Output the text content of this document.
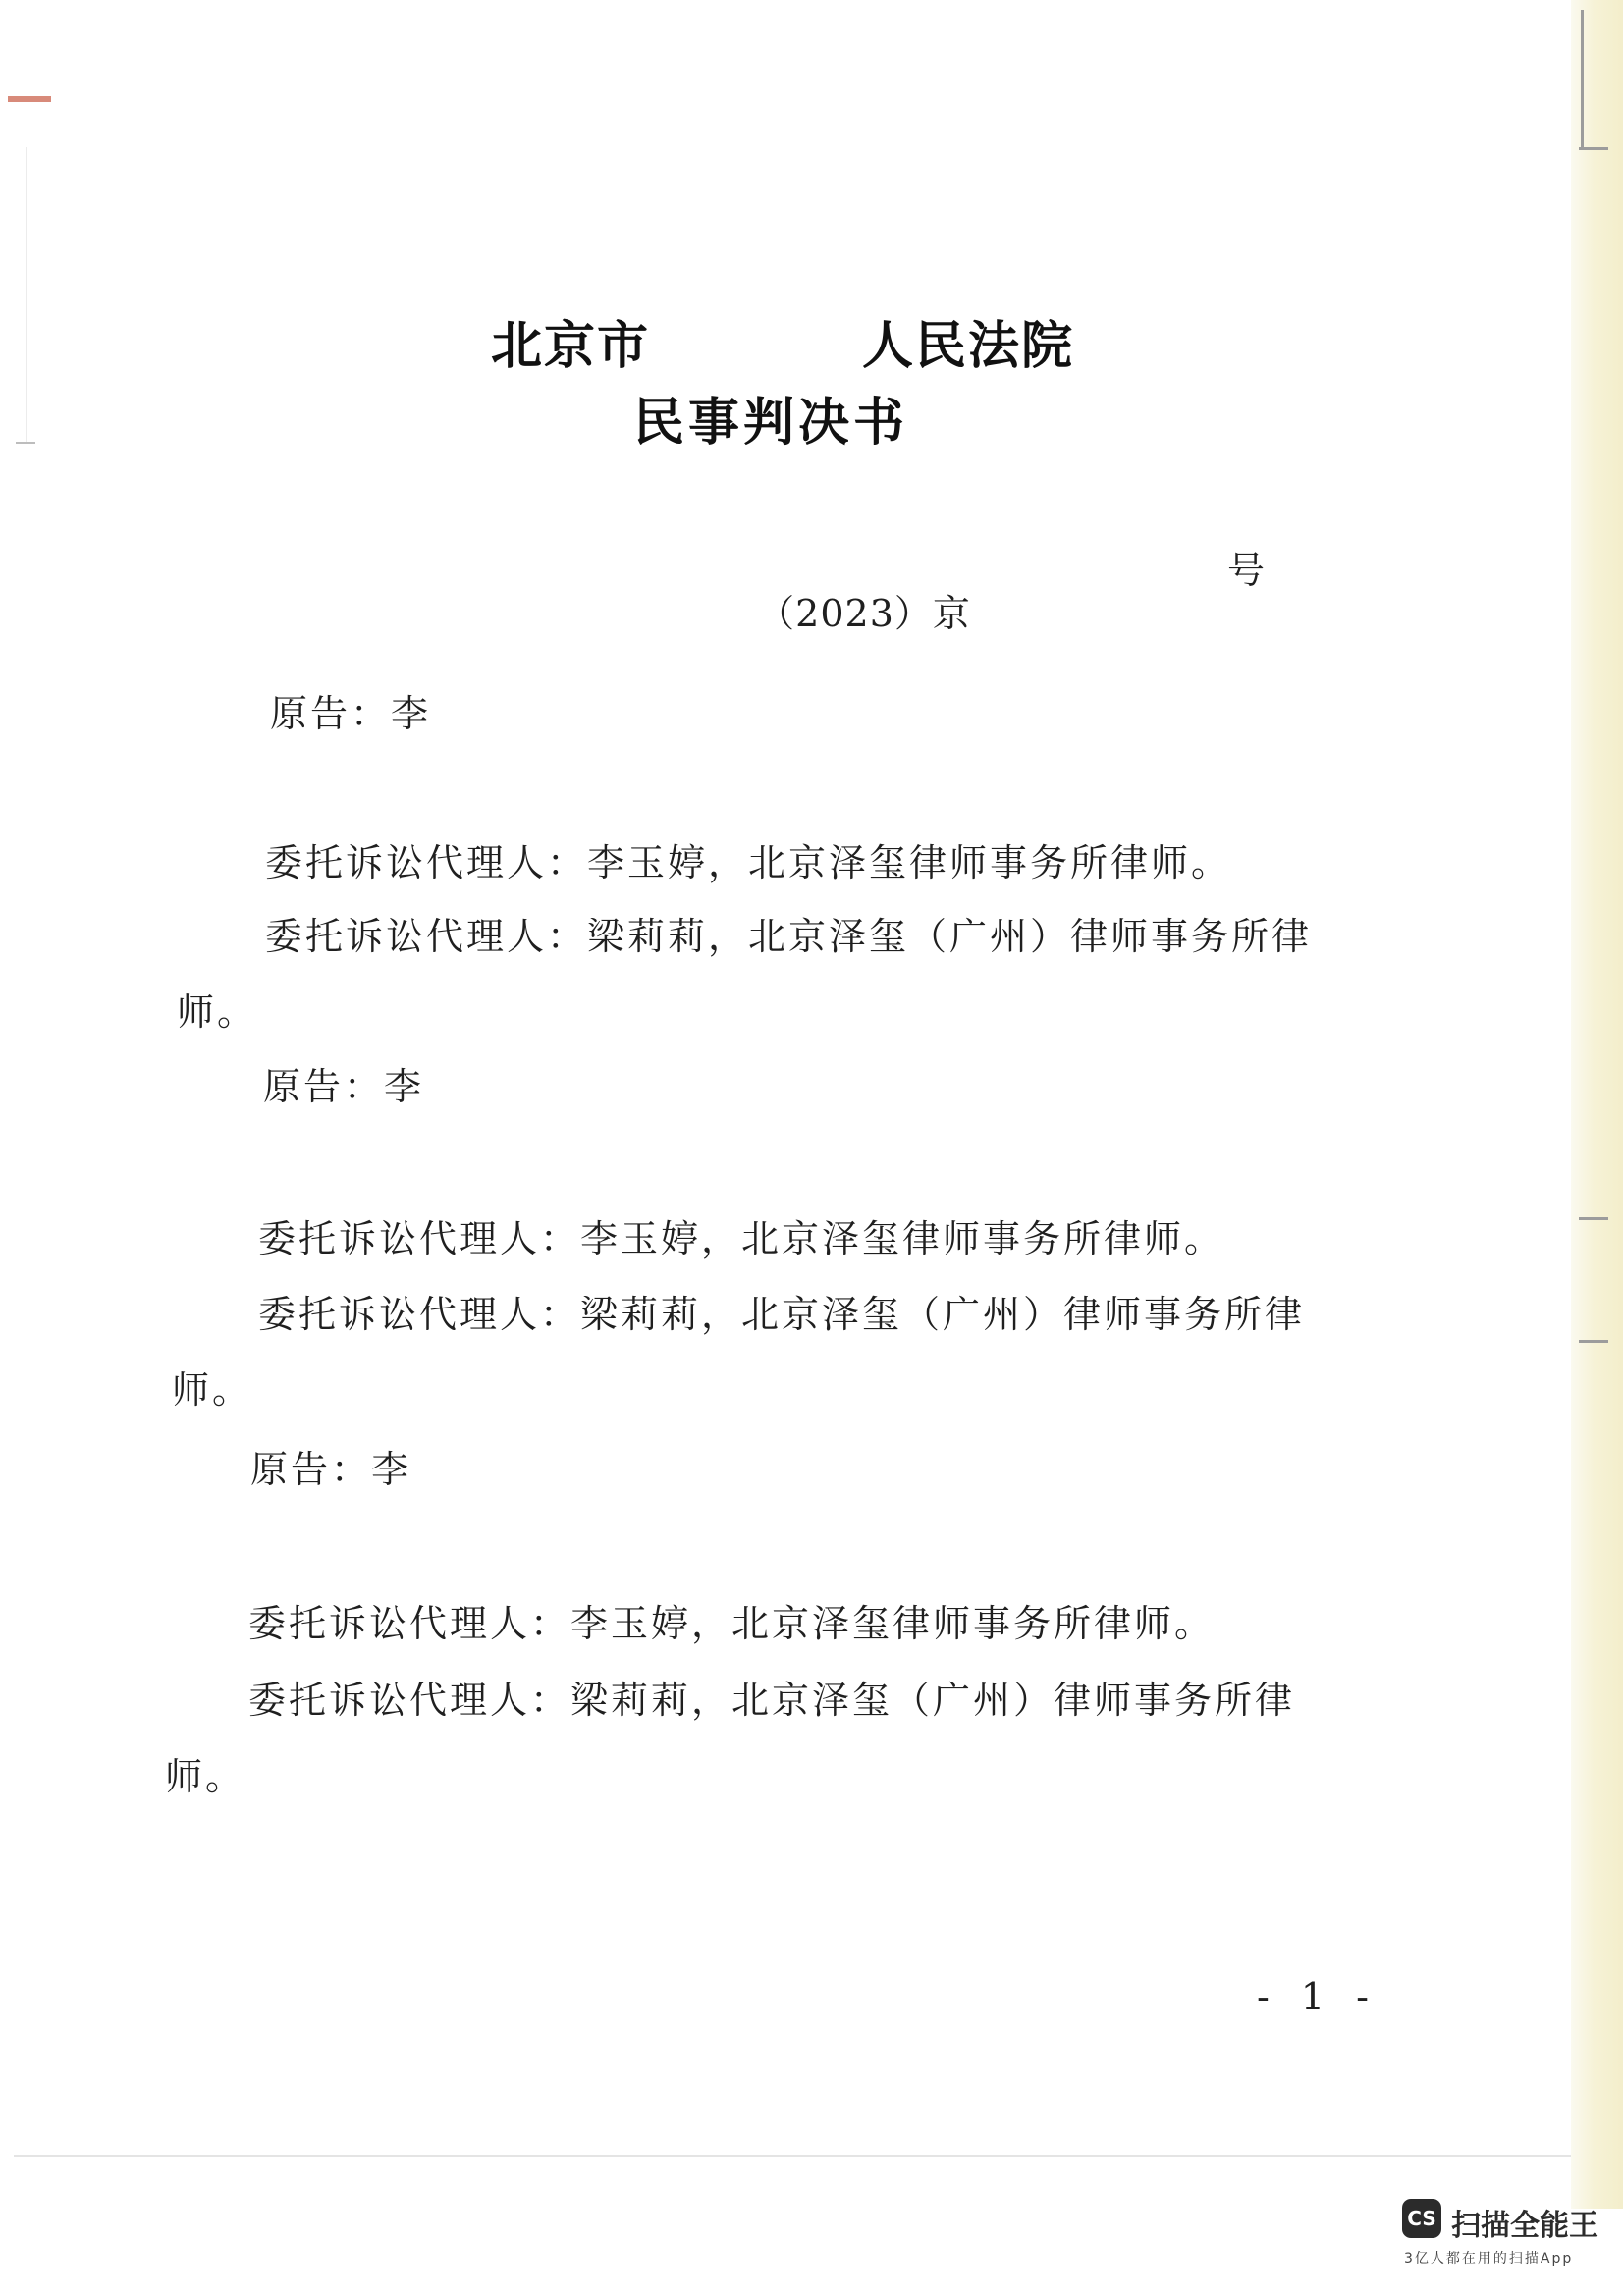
北京市　　　　人民法院
民事判决书

（2023）京
号

原告：李
委托诉讼代理人：李玉婷，北京泽玺律师事务所律师。
委托诉讼代理人：梁莉莉，北京泽玺（广州）律师事务所律
师。
原告：李
委托诉讼代理人：李玉婷，北京泽玺律师事务所律师。
委托诉讼代理人：梁莉莉，北京泽玺（广州）律师事务所律
师。
原告：李
委托诉讼代理人：李玉婷，北京泽玺律师事务所律师。
委托诉讼代理人：梁莉莉，北京泽玺（广州）律师事务所律
师。
- 1 -
CS 扫描全能王
3亿人都在用的扫描App
